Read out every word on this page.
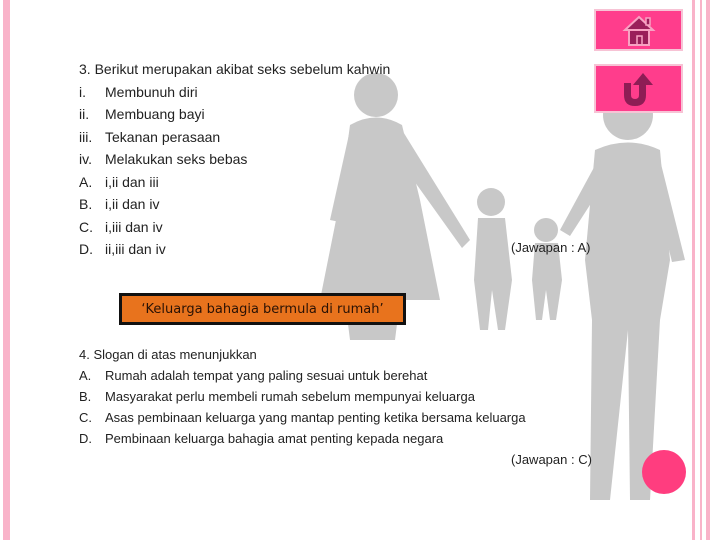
3. Berikut merupakan akibat seks sebelum kahwin
i.	Membunuh diri
ii.	Membuang bayi
iii. Tekanan perasaan
iv. Melakukan seks bebas
A. i,ii dan iii
B. i,ii dan iv
C. i,iii dan iv
D. ii,iii dan iv	(Jawapan : A)
‘Keluarga bahagia bermula di rumah’
4. Slogan di atas menunjukkan
A.	Rumah adalah tempat yang paling sesuai untuk berehat
B.	Masyarakat perlu membeli rumah sebelum mempunyai keluarga
C.	Asas pembinaan keluarga yang mantap penting ketika bersama keluarga
D.	Pembinaan keluarga bahagia amat penting kepada negara
(Jawapan : C)
